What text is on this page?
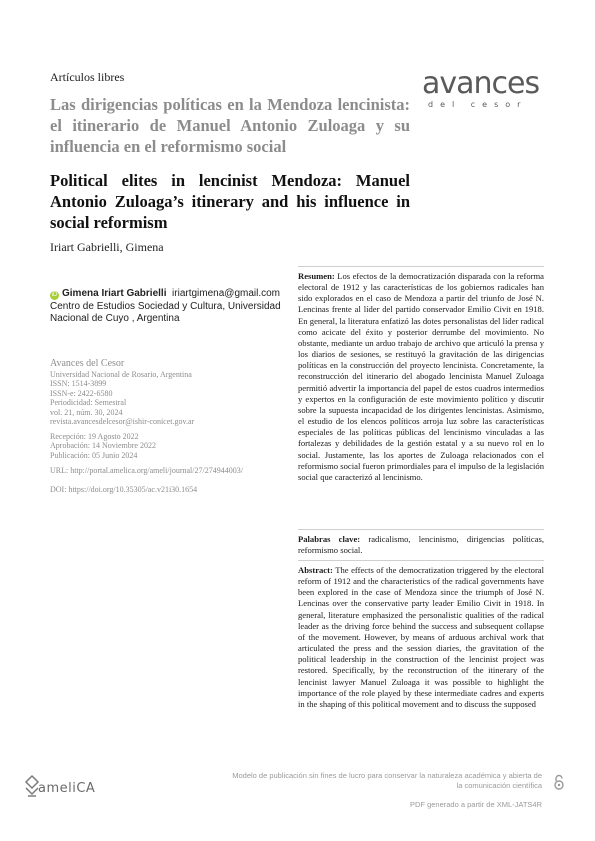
Artículos libres	avances
del cesor
Las dirigencias políticas en la Mendoza lencinista: el itinerario de Manuel Antonio Zuloaga y su influencia en el reformismo social
Political elites in lencinist Mendoza: Manuel Antonio Zuloaga’s itinerary and his influence in social reformism
Iriart Gabrielli, Gimena
iD Gimena Iriart Gabrielli iriartgimena@gmail.com
Centro de Estudios Sociedad y Cultura, Universidad Nacional de Cuyo , Argentina
Avances del Cesor
Universidad Nacional de Rosario, Argentina
ISSN: 1514-3899
ISSN-e: 2422-6580
Periodicidad: Semestral
vol. 21, núm. 30, 2024
revista.avancesdelcesor@ishir-conicet.gov.ar
Recepción: 19 Agosto 2022
Aprobación: 14 Noviembre 2022
Publicación: 05 Junio 2024
URL: http://portal.amelica.org/ameli/journal/27/274944003/
DOI: https://doi.org/10.35305/ac.v21i30.1654
Resumen: Los efectos de la democratización disparada con la reforma electoral de 1912 y las características de los gobiernos radicales han sido explorados en el caso de Mendoza a partir del triunfo de José N. Lencinas frente al líder del partido conservador Emilio Civit en 1918. En general, la literatura enfatizó las dotes personalistas del líder radical como acicate del éxito y posterior derrumbe del movimiento. No obstante, mediante un arduo trabajo de archivo que articuló la prensa y los diarios de sesiones, se restituyó la gravitación de las dirigencias políticas en la construcción del proyecto lencinista. Concretamente, la reconstrucción del itinerario del abogado lencinista Manuel Zuloaga permitió advertir la importancia del papel de estos cuadros intermedios y expertos en la configuración de este movimiento político y discutir sobre la supuesta incapacidad de los dirigentes lencinistas. Asimismo, el estudio de los elencos políticos arroja luz sobre las características especiales de las políticas públicas del lencinismo vinculadas a las fortalezas y debilidades de la gestión estatal y a su nuevo rol en lo social. Justamente, las los aportes de Zuloaga relacionados con el reformismo social fueron primordiales para el impulso de la legislación social que caracterizó al lencinismo.
Palabras clave: radicalismo, lencinismo, dirigencias políticas, reformismo social.
Abstract: The effects of the democratization triggered by the electoral reform of 1912 and the characteristics of the radical governments have been explored in the case of Mendoza since the triumph of José N. Lencinas over the conservative party leader Emilio Civit in 1918. In general, literature emphasized the personalistic qualities of the radical leader as the driving force behind the success and subsequent collapse of the movement. However, by means of arduous archival work that articulated the press and the session diaries, the gravitation of the political leadership in the construction of the lencinist project was restored. Specifically, by the reconstruction of the itinerary of the lencinist lawyer Manuel Zuloaga it was possible to highlight the importance of the role played by these intermediate cadres and experts in the shaping of this political movement and to discuss the supposed
ameliCA
Modelo de publicación sin fines de lucro para conservar la naturaleza académica y abierta de la comunicación científica
PDF generado a partir de XML-JATS4R
